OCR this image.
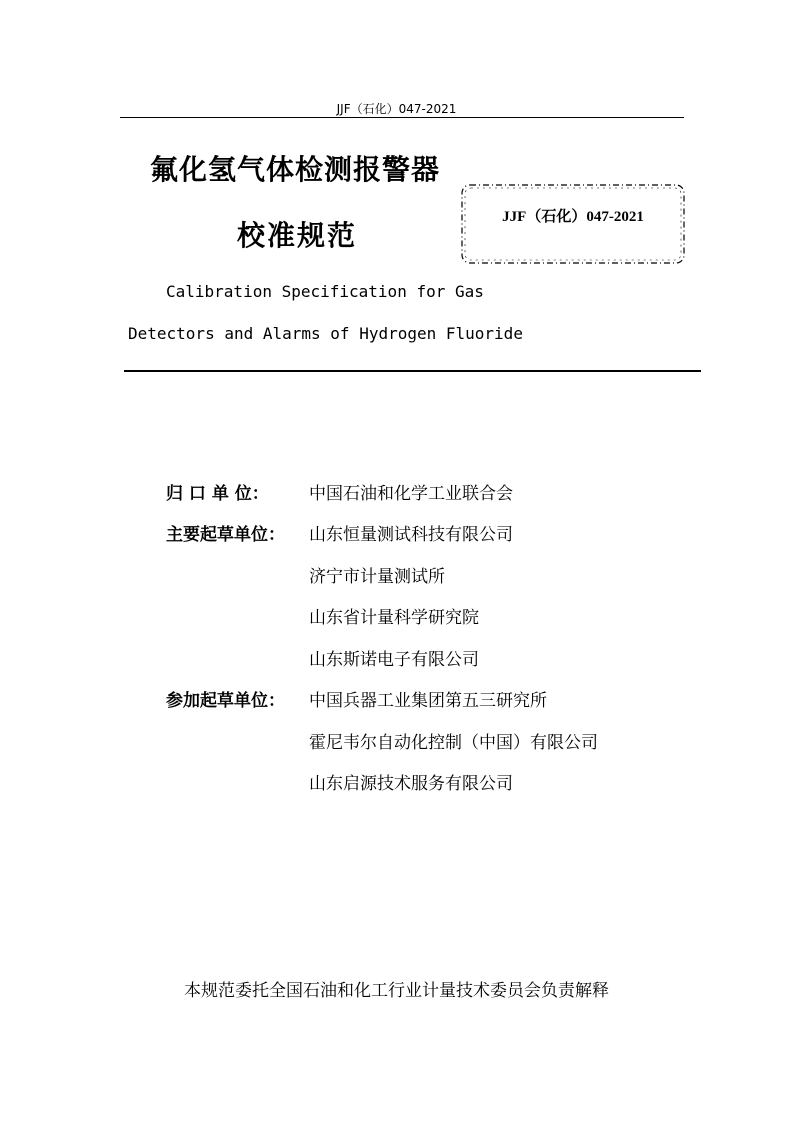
JJF（石化）047-2021
氟化氢气体检测报警器
校准规范
JJF（石化）047-2021
Calibration Specification for Gas
Detectors and Alarms of Hydrogen Fluoride
归 口 单 位： 中国石油和化学工业联合会
主要起草单位： 山东恒量测试科技有限公司
济宁市计量测试所
山东省计量科学研究院
山东斯诺电子有限公司
参加起草单位： 中国兵器工业集团第五三研究所
霍尼韦尔自动化控制（中国）有限公司
山东启源技术服务有限公司
本规范委托全国石油和化工行业计量技术委员会负责解释
